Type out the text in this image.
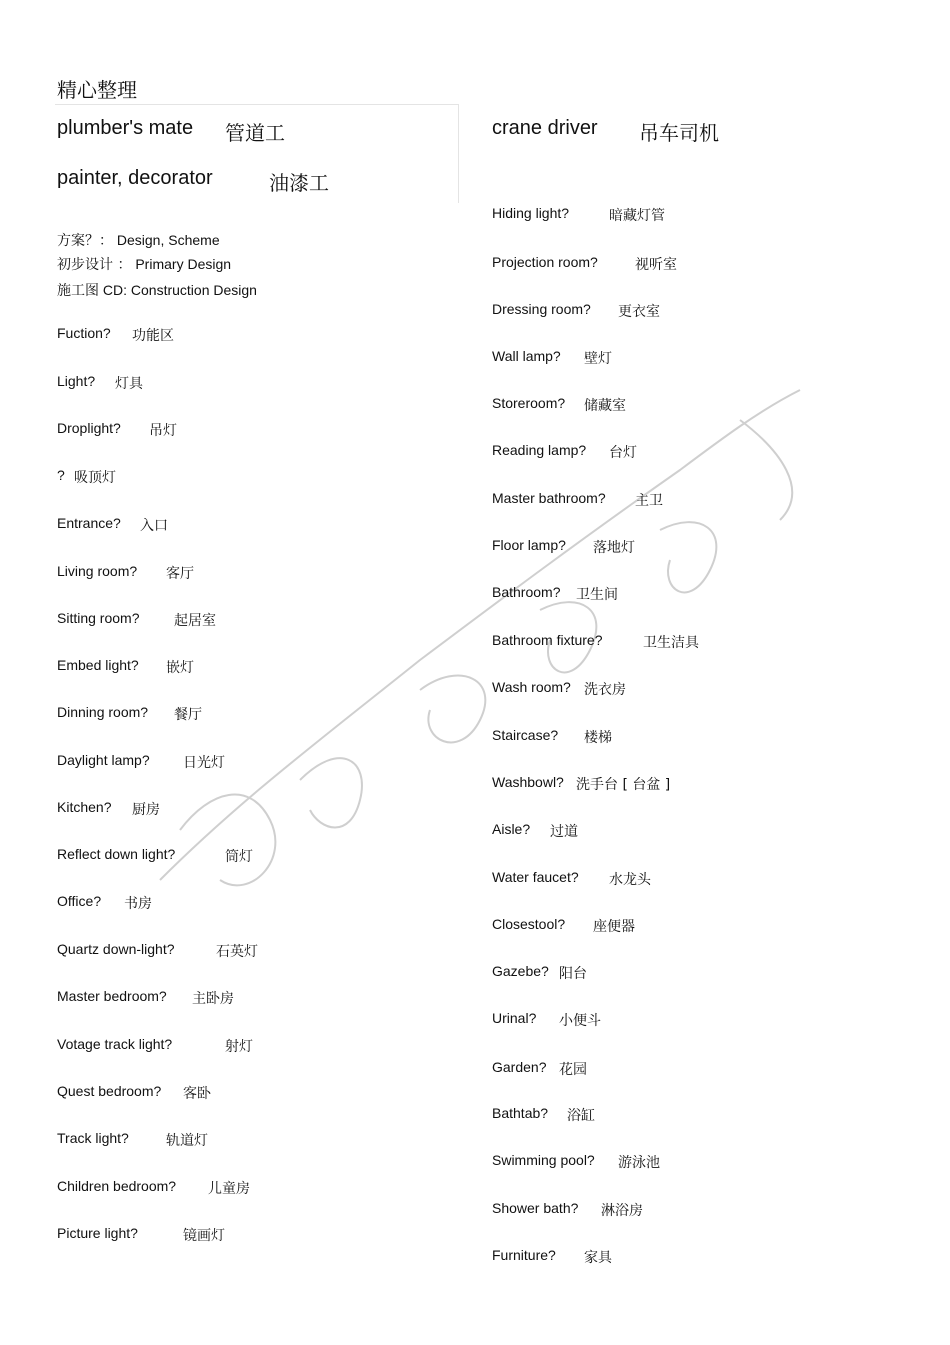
精心整理
plumber's mate 管道工
painter, decorator	油漆工
crane driver 吊车司机
方案？： Design, Scheme
初步设计 ： Primary Design
施工图 CD: Construction Design
Fuction? 功能区
Light? 灯具
Droplight? 吊灯
? 吸顶灯
Entrance? 入口
Living room? 客厅
Sitting room? 起居室
Embed light? 嵌灯
Dinning room? 餐厅
Daylight lamp? 日光灯
Kitchen? 厨房
Reflect down light?	筒灯
Office? 书房
Quartz down-light?	石英灯
Master bedroom? 主卧房
Votage track light?	射灯
Quest bedroom? 客卧
Track light?	轨道灯
Children bedroom? 儿童房
Picture light?	镜画灯
Hiding light?	暗藏灯管
Projection room?	视听室
Dressing room? 更衣室
Wall lamp? 壁灯
Storeroom? 储藏室
Reading lamp? 台灯
Master bathroom? 主卫
Floor lamp? 落地灯
Bathroom? 卫生间
Bathroom fixture?	卫生洁具
Wash room? 洗衣房
Staircase? 楼梯
Washbowl? 洗手台 [ 台盆 ]
Aisle? 过道
Water faucet? 水龙头
Closestool? 座便器
Gazebe? 阳台
Urinal? 小便斗
Garden? 花园
Bathtab? 浴缸
Swimming pool? 游泳池
Shower bath? 淋浴房
Furniture? 家具
